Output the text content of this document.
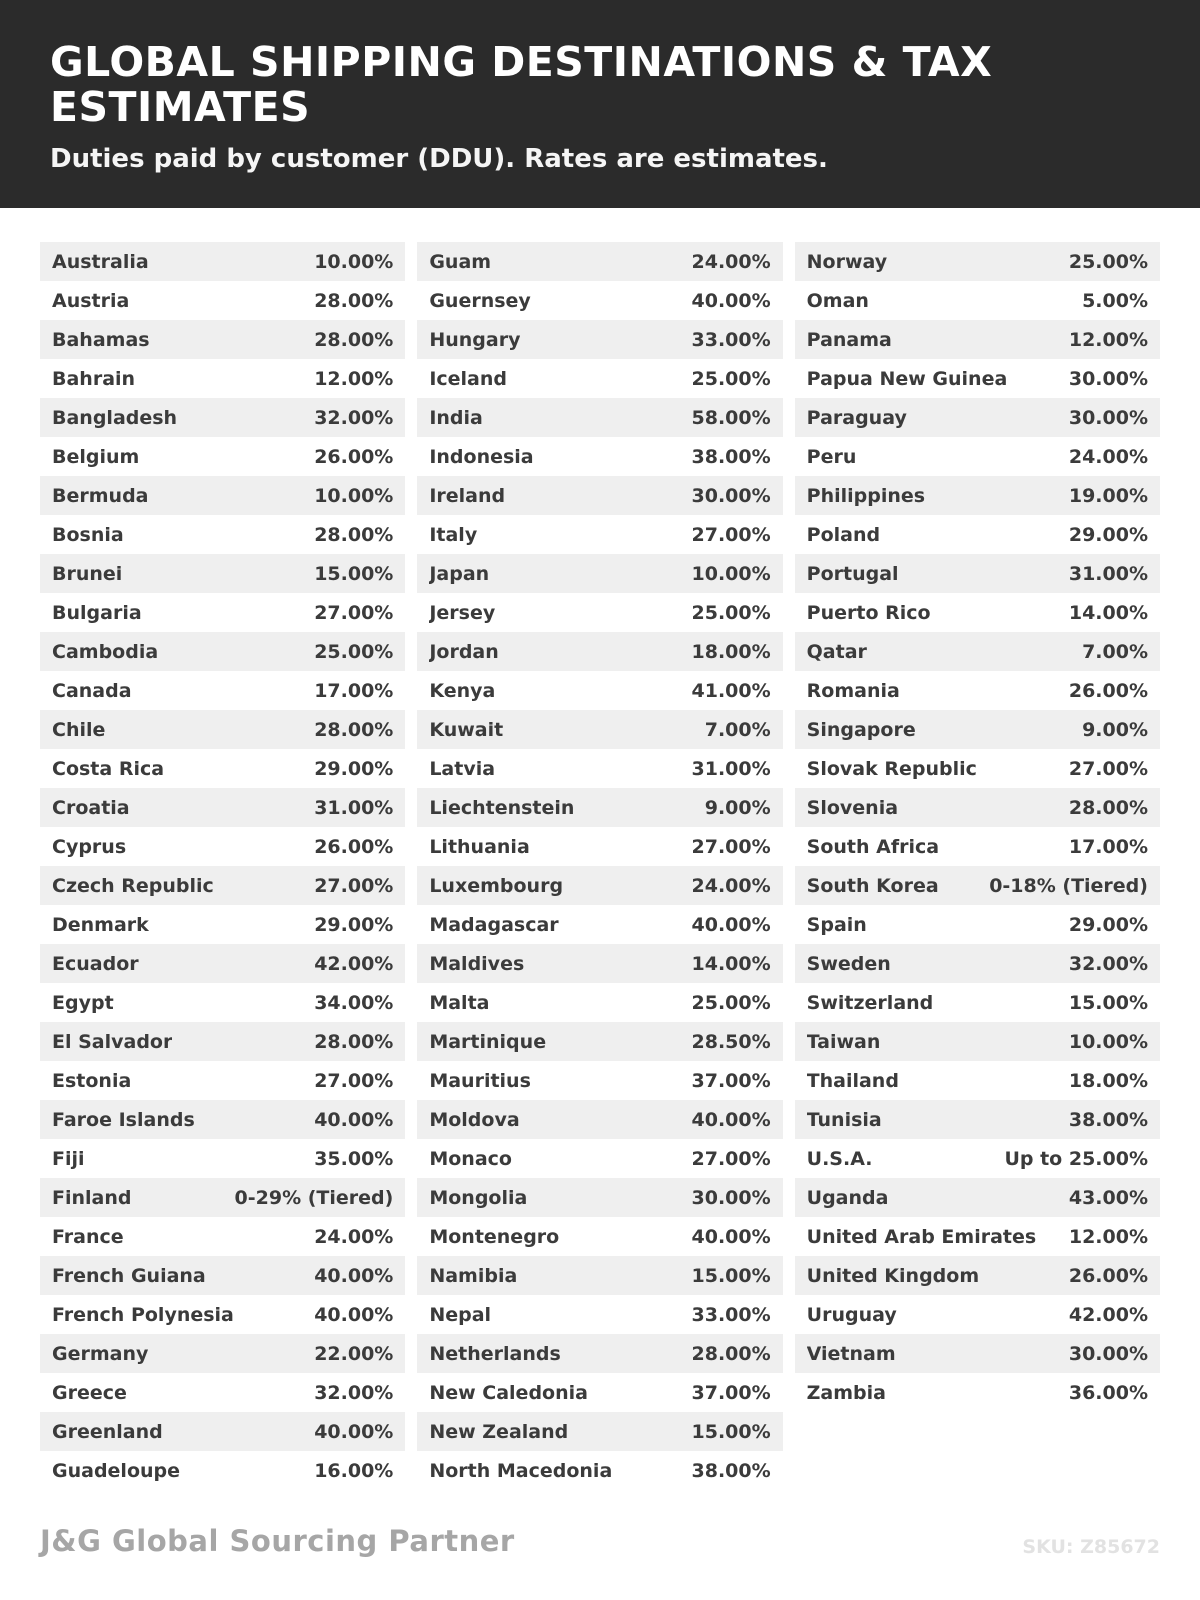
GLOBAL SHIPPING DESTINATIONS & TAX ESTIMATES
Duties paid by customer (DDU). Rates are estimates.
Australia	10.00%
Austria	28.00%
Bahamas	28.00%
Bahrain	12.00%
Bangladesh	32.00%
Belgium	26.00%
Bermuda	10.00%
Bosnia	28.00%
Brunei	15.00%
Bulgaria	27.00%
Cambodia	25.00%
Canada	17.00%
Chile	28.00%
Costa Rica	29.00%
Croatia	31.00%
Cyprus	26.00%
Czech Republic	27.00%
Denmark	29.00%
Ecuador	42.00%
Egypt	34.00%
El Salvador	28.00%
Estonia	27.00%
Faroe Islands	40.00%
Fiji	35.00%
Finland	0-29% (Tiered)
France	24.00%
French Guiana	40.00%
French Polynesia	40.00%
Germany	22.00%
Greece	32.00%
Greenland	40.00%
Guadeloupe	16.00%
Guam	24.00%
Guernsey	40.00%
Hungary	33.00%
Iceland	25.00%
India	58.00%
Indonesia	38.00%
Ireland	30.00%
Italy	27.00%
Japan	10.00%
Jersey	25.00%
Jordan	18.00%
Kenya	41.00%
Kuwait	7.00%
Latvia	31.00%
Liechtenstein	9.00%
Lithuania	27.00%
Luxembourg	24.00%
Madagascar	40.00%
Maldives	14.00%
Malta	25.00%
Martinique	28.50%
Mauritius	37.00%
Moldova	40.00%
Monaco	27.00%
Mongolia	30.00%
Montenegro	40.00%
Namibia	15.00%
Nepal	33.00%
Netherlands	28.00%
New Caledonia	37.00%
New Zealand	15.00%
North Macedonia	38.00%
Norway	25.00%
Oman	5.00%
Panama	12.00%
Papua New Guinea	30.00%
Paraguay	30.00%
Peru	24.00%
Philippines	19.00%
Poland	29.00%
Portugal	31.00%
Puerto Rico	14.00%
Qatar	7.00%
Romania	26.00%
Singapore	9.00%
Slovak Republic	27.00%
Slovenia	28.00%
South Africa	17.00%
South Korea	0-18% (Tiered)
Spain	29.00%
Sweden	32.00%
Switzerland	15.00%
Taiwan	10.00%
Thailand	18.00%
Tunisia	38.00%
U.S.A.	Up to 25.00%
Uganda	43.00%
United Arab Emirates 12.00%
United Kingdom	26.00%
Uruguay	42.00%
Vietnam	30.00%
Zambia	36.00%
J&G Global Sourcing Partner	SKU: Z85672
